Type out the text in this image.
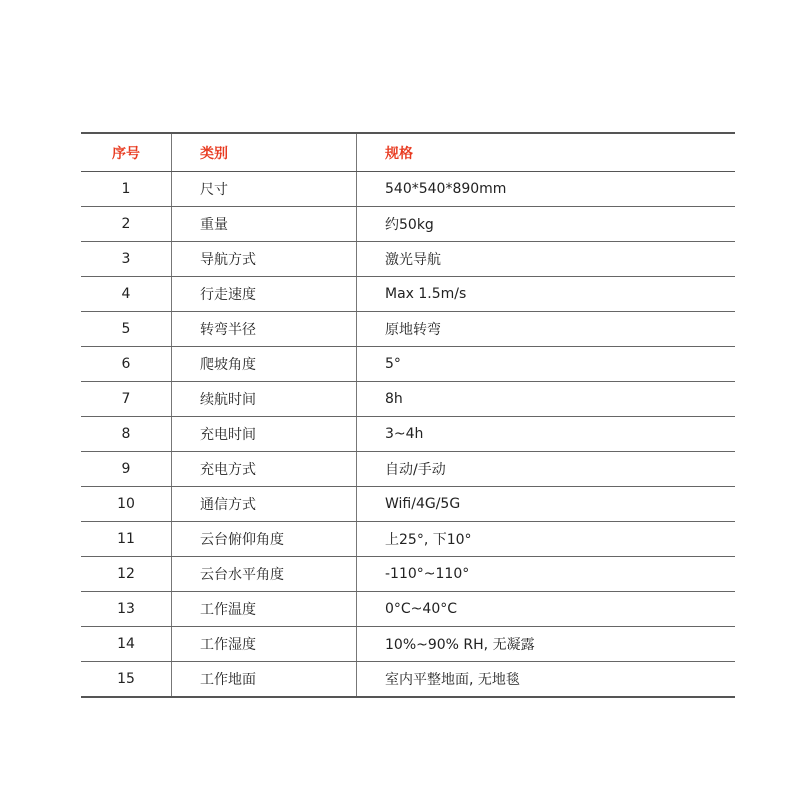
序号	类别	规格
1	尺寸	540*540*890mm
2	重量	约50kg
3	导航方式	激光导航
4	行走速度	Max 1.5m/s
5	转弯半径	原地转弯
6	爬坡角度	5°
7	续航时间	8h
8	充电时间	3~4h
9	充电方式	自动/手动
10	通信方式	Wifi/4G/5G
11	云台俯仰角度	上25°, 下10°
12	云台水平角度	-110°~110°
13	工作温度	0°C~40°C
14	工作湿度	10%~90% RH, 无凝露
15	工作地面	室内平整地面, 无地毯
